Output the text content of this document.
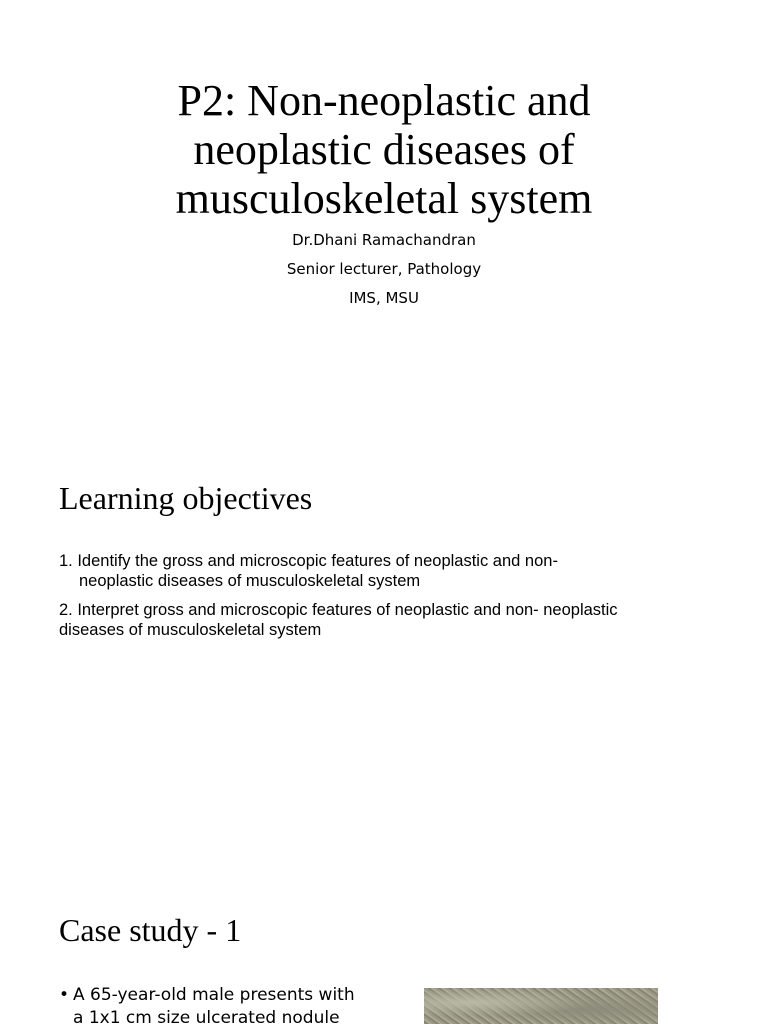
P2: Non-neoplastic and
neoplastic diseases of
musculoskeletal system
Dr.Dhani Ramachandran
Senior lecturer, Pathology
IMS, MSU
Learning objectives
1. Identify the gross and microscopic features of neoplastic and non-
neoplastic diseases of musculoskeletal system
2. Interpret gross and microscopic features of neoplastic and non- neoplastic
diseases of musculoskeletal system
Case study - 1
• A 65-year-old male presents with
a 1x1 cm size ulcerated nodule
